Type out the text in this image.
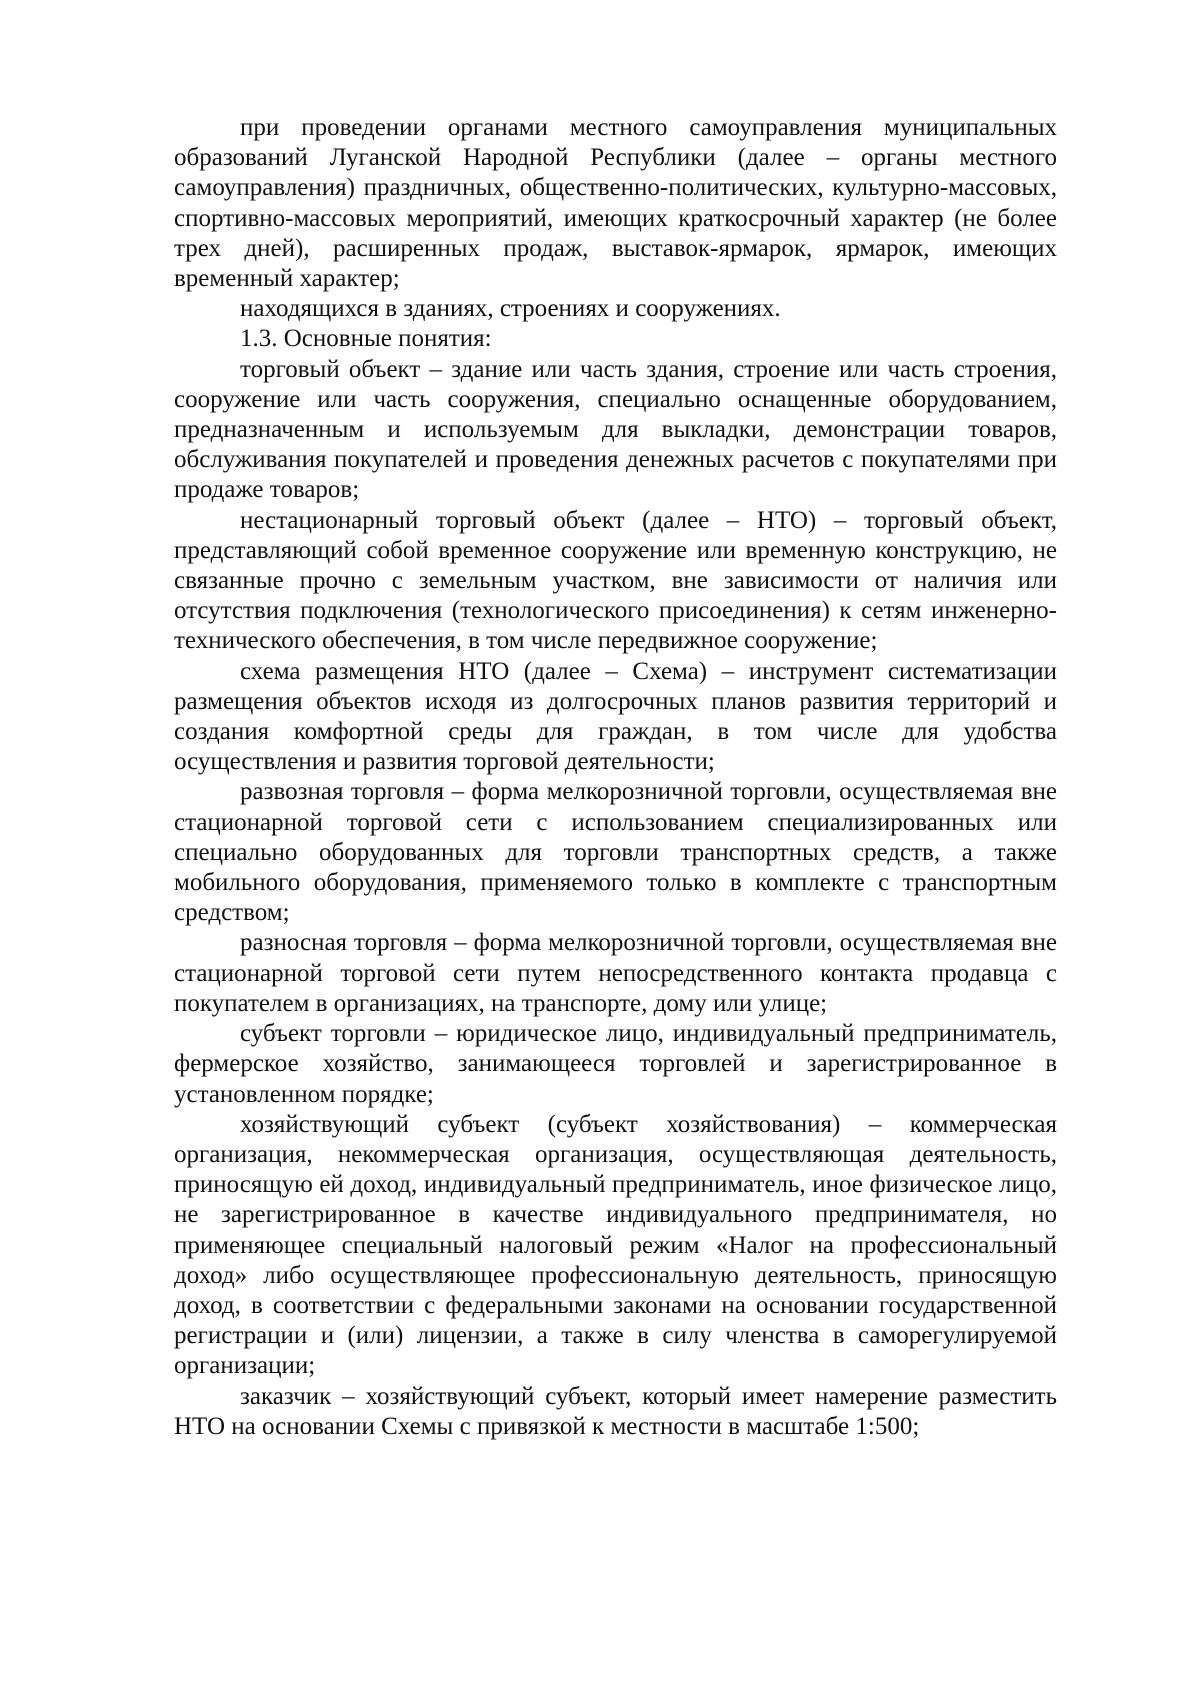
при проведении органами местного самоуправления муниципальных образований Луганской Народной Республики (далее – органы местного самоуправления) праздничных, общественно-политических, культурно-массовых, спортивно-массовых мероприятий, имеющих краткосрочный характер (не более трех дней), расширенных продаж, выставок-ярмарок, ярмарок, имеющих временный характер;

находящихся в зданиях, строениях и сооружениях.

1.3. Основные понятия:

торговый объект – здание или часть здания, строение или часть строения, сооружение или часть сооружения, специально оснащенные оборудованием, предназначенным и используемым для выкладки, демонстрации товаров, обслуживания покупателей и проведения денежных расчетов с покупателями при продаже товаров;

нестационарный торговый объект (далее – НТО) – торговый объект, представляющий собой временное сооружение или временную конструкцию, не связанные прочно с земельным участком, вне зависимости от наличия или отсутствия подключения (технологического присоединения) к сетям инженерно-технического обеспечения, в том числе передвижное сооружение;

схема размещения НТО (далее – Схема) – инструмент систематизации размещения объектов исходя из долгосрочных планов развития территорий и создания комфортной среды для граждан, в том числе для удобства осуществления и развития торговой деятельности;

развозная торговля – форма мелкорозничной торговли, осуществляемая вне стационарной торговой сети с использованием специализированных или специально оборудованных для торговли транспортных средств, а также мобильного оборудования, применяемого только в комплекте с транспортным средством;

разносная торговля – форма мелкорозничной торговли, осуществляемая вне стационарной торговой сети путем непосредственного контакта продавца с покупателем в организациях, на транспорте, дому или улице;

субъект торговли – юридическое лицо, индивидуальный предприниматель, фермерское хозяйство, занимающееся торговлей и зарегистрированное в установленном порядке;

хозяйствующий субъект (субъект хозяйствования) – коммерческая организация, некоммерческая организация, осуществляющая деятельность, приносящую ей доход, индивидуальный предприниматель, иное физическое лицо, не зарегистрированное в качестве индивидуального предпринимателя, но применяющее специальный налоговый режим «Налог на профессиональный доход» либо осуществляющее профессиональную деятельность, приносящую доход, в соответствии с федеральными законами на основании государственной регистрации и (или) лицензии, а также в силу членства в саморегулируемой организации;

заказчик – хозяйствующий субъект, который имеет намерение разместить НТО на основании Схемы с привязкой к местности в масштабе 1:500;
